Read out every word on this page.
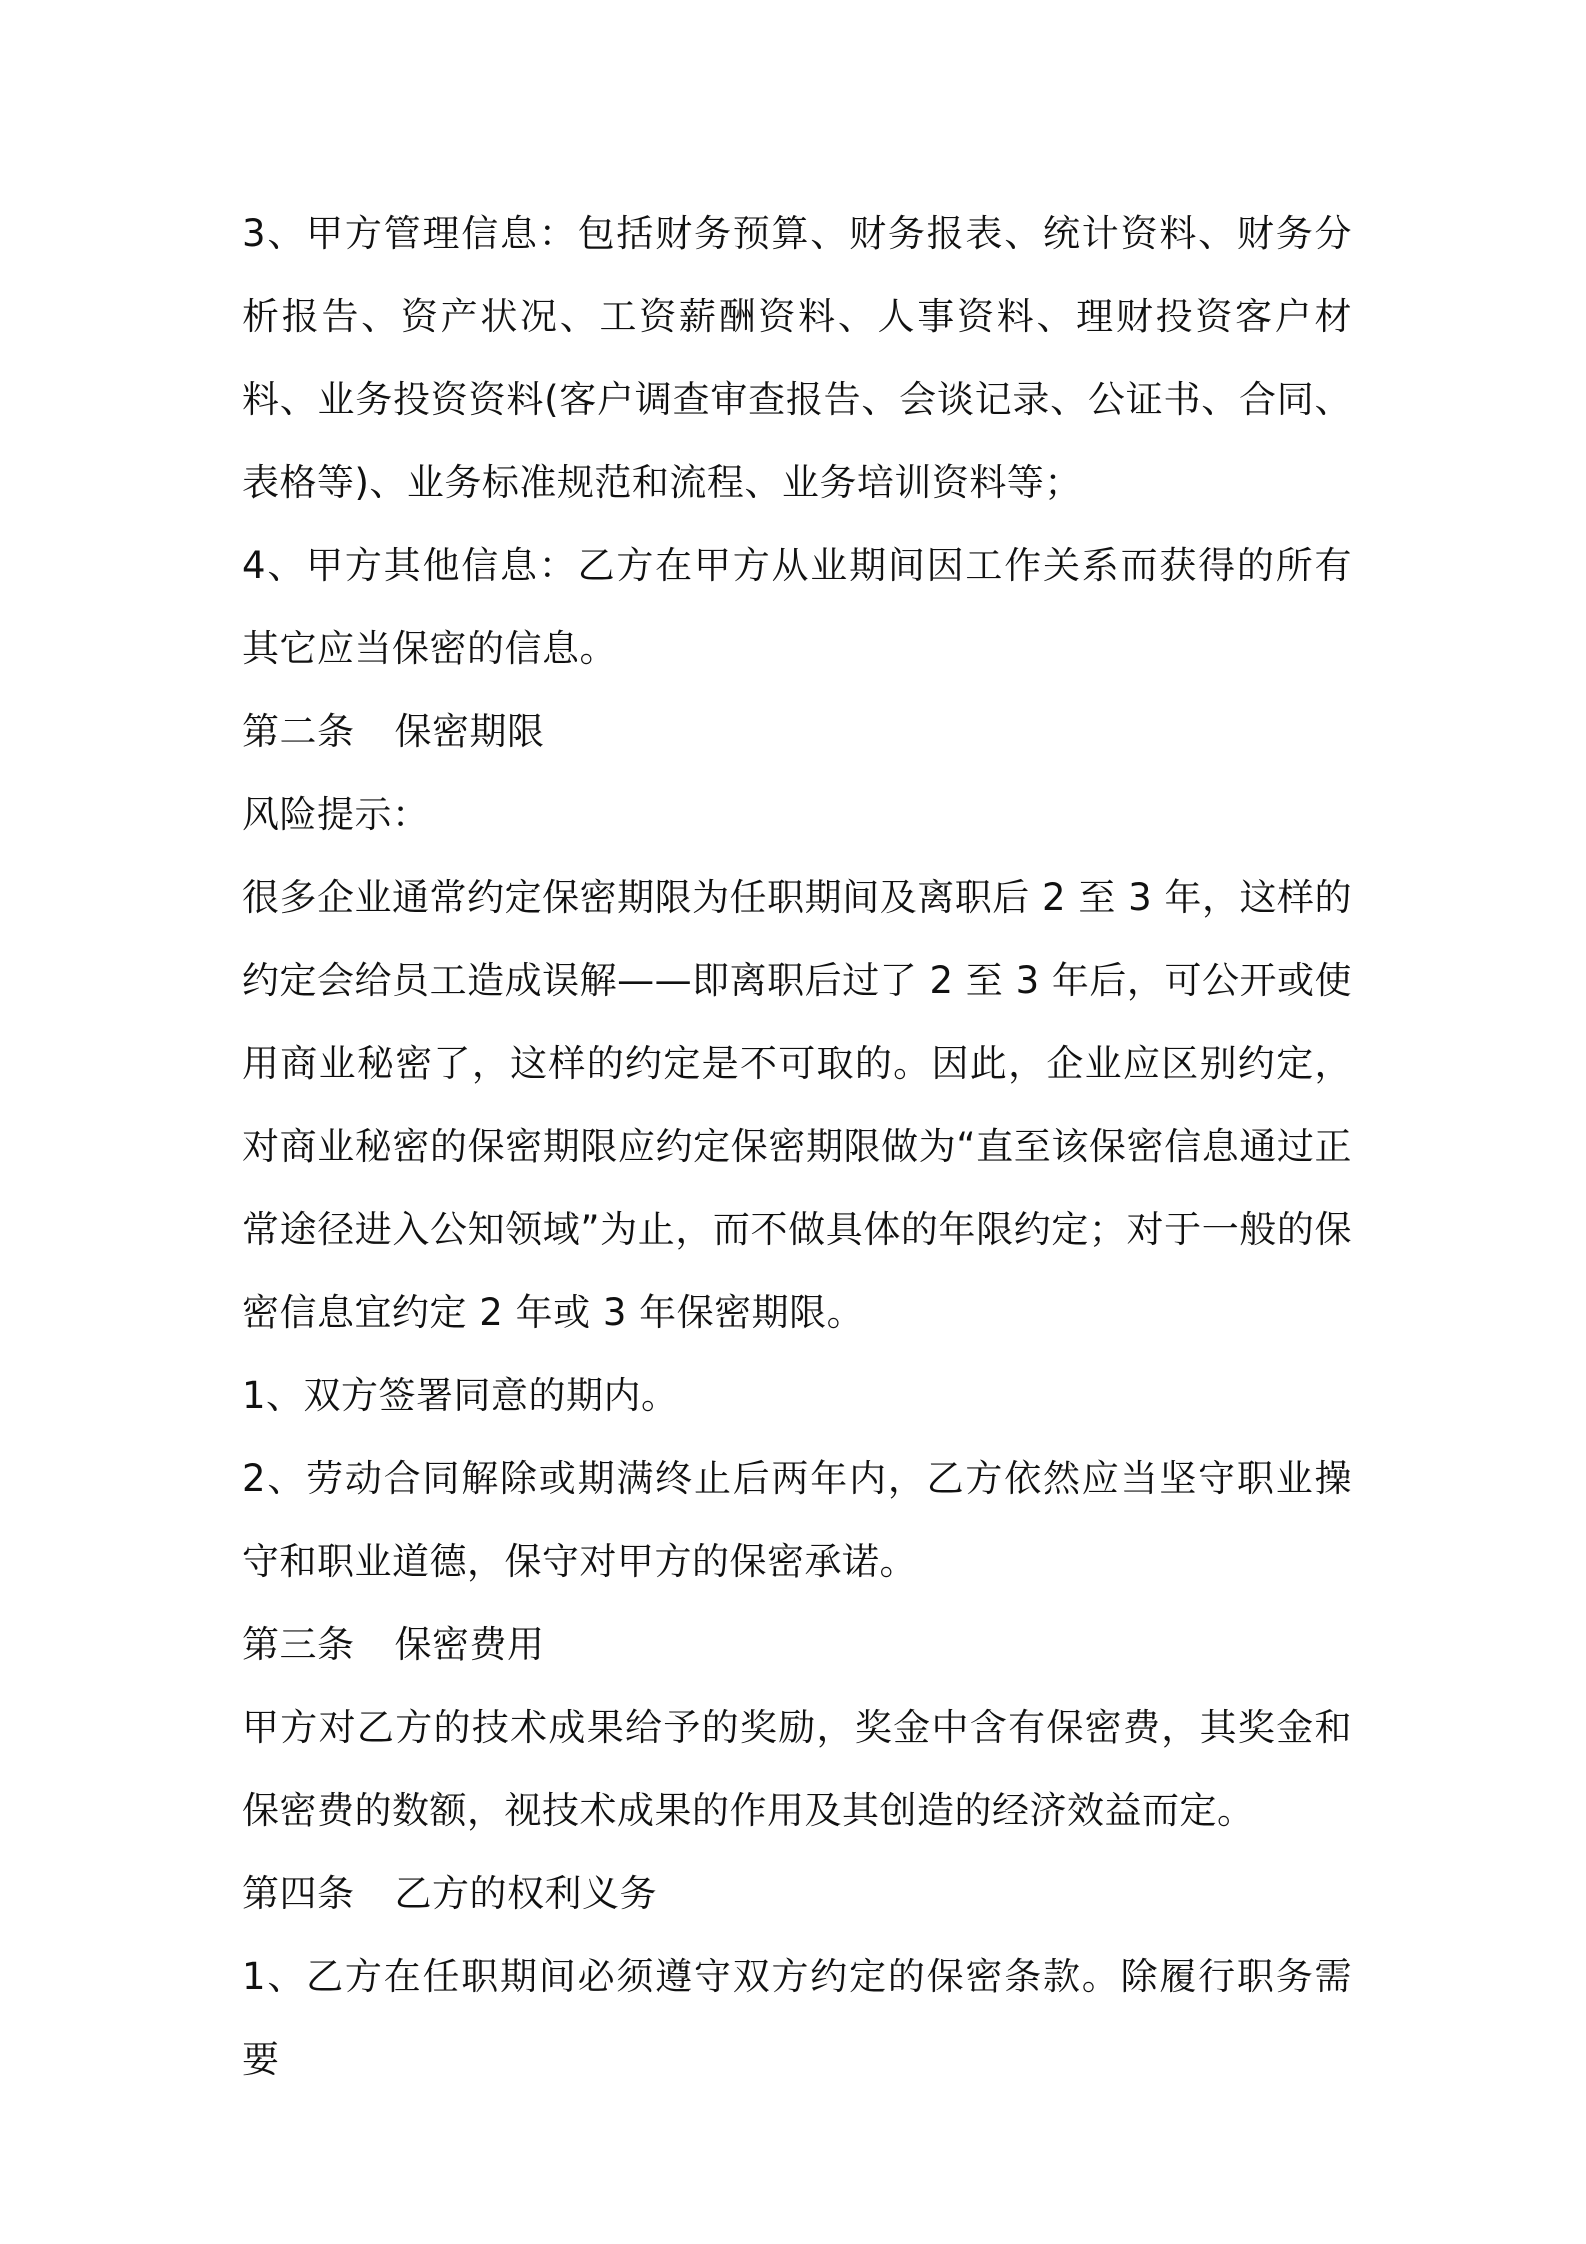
3、甲方管理信息：包括财务预算、财务报表、统计资料、财务分析报告、资产状况、工资薪酬资料、人事资料、理财投资客户材料、业务投资资料(客户调查审查报告、会谈记录、公证书、合同、表格等)、业务标准规范和流程、业务培训资料等；

4、甲方其他信息：乙方在甲方从业期间因工作关系而获得的所有其它应当保密的信息。

第二条 保密期限

风险提示：

很多企业通常约定保密期限为任职期间及离职后 2 至 3 年，这样的约定会给员工造成误解——即离职后过了 2 至 3 年后，可公开或使用商业秘密了，这样的约定是不可取的。因此，企业应区别约定，对商业秘密的保密期限应约定保密期限做为“直至该保密信息通过正常途径进入公知领域”为止，而不做具体的年限约定；对于一般的保密信息宜约定 2 年或 3 年保密期限。

1、双方签署同意的期内。

2、劳动合同解除或期满终止后两年内，乙方依然应当坚守职业操守和职业道德，保守对甲方的保密承诺。

第三条 保密费用

甲方对乙方的技术成果给予的奖励，奖金中含有保密费，其奖金和保密费的数额，视技术成果的作用及其创造的经济效益而定。

第四条 乙方的权利义务

1、乙方在任职期间必须遵守双方约定的保密条款。除履行职务需要
